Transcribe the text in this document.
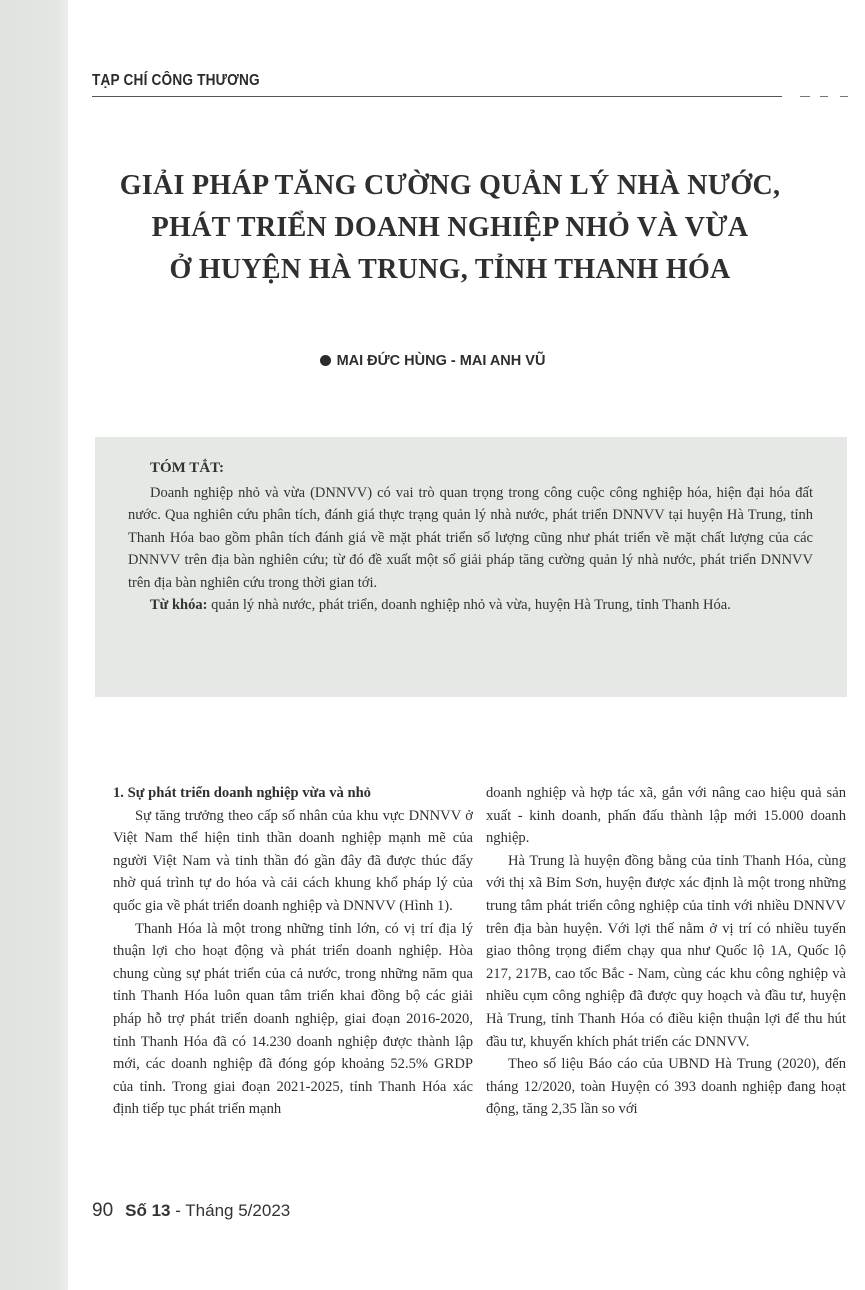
TẠP CHÍ CÔNG THƯƠNG
GIẢI PHÁP TĂNG CƯỜNG QUẢN LÝ NHÀ NƯỚC,
PHÁT TRIỂN DOANH NGHIỆP NHỎ VÀ VỪA
Ở HUYỆN HÀ TRUNG, TỈNH THANH HÓA
MAI ĐỨC HÙNG - MAI ANH VŨ
TÓM TẮT:

Doanh nghiệp nhỏ và vừa (DNNVV) có vai trò quan trọng trong công cuộc công nghiệp hóa, hiện đại hóa đất nước. Qua nghiên cứu phân tích, đánh giá thực trạng quản lý nhà nước, phát triển DNNVV tại huyện Hà Trung, tỉnh Thanh Hóa bao gồm phân tích đánh giá về mặt phát triển số lượng cũng như phát triển về mặt chất lượng của các DNNVV trên địa bàn nghiên cứu; từ đó đề xuất một số giải pháp tăng cường quản lý nhà nước, phát triển DNNVV trên địa bàn nghiên cứu trong thời gian tới.

Từ khóa: quản lý nhà nước, phát triển, doanh nghiệp nhỏ và vừa, huyện Hà Trung, tỉnh Thanh Hóa.

1. Sự phát triển doanh nghiệp vừa và nhỏ

Sự tăng trưởng theo cấp số nhân của khu vực DNNVV ở Việt Nam thể hiện tinh thần doanh nghiệp mạnh mẽ của người Việt Nam và tinh thần đó gần đây đã được thúc đẩy nhờ quá trình tự do hóa và cải cách khung khổ pháp lý của quốc gia về phát triển doanh nghiệp và DNNVV (Hình 1).

Thanh Hóa là một trong những tỉnh lớn, có vị trí địa lý thuận lợi cho hoạt động và phát triển doanh nghiệp. Hòa chung cùng sự phát triển của cả nước, trong những năm qua tỉnh Thanh Hóa luôn quan tâm triển khai đồng bộ các giải pháp hỗ trợ phát triển doanh nghiệp, giai đoạn 2016-2020, tỉnh Thanh Hóa đã có 14.230 doanh nghiệp được thành lập mới, các doanh nghiệp đã đóng góp khoảng 52.5% GRDP của tỉnh. Trong giai đoạn 2021-2025, tỉnh Thanh Hóa xác định tiếp tục phát triển mạnh

doanh nghiệp và hợp tác xã, gắn với nâng cao hiệu quả sản xuất - kinh doanh, phấn đấu thành lập mới 15.000 doanh nghiệp.

Hà Trung là huyện đồng bằng của tỉnh Thanh Hóa, cùng với thị xã Bỉm Sơn, huyện được xác định là một trong những trung tâm phát triển công nghiệp của tỉnh với nhiều DNNVV trên địa bàn huyện. Với lợi thế nằm ở vị trí có nhiều tuyến giao thông trọng điểm chạy qua như Quốc lộ 1A, Quốc lộ 217, 217B, cao tốc Bắc - Nam, cùng các khu công nghiệp và nhiều cụm công nghiệp đã được quy hoạch và đầu tư, huyện Hà Trung, tỉnh Thanh Hóa có điều kiện thuận lợi để thu hút đầu tư, khuyến khích phát triển các DNNVV.

Theo số liệu Báo cáo của UBND Hà Trung (2020), đến tháng 12/2020, toàn Huyện có 393 doanh nghiệp đang hoạt động, tăng 2,35 lần so với

90 Số 13 - Tháng 5/2023
